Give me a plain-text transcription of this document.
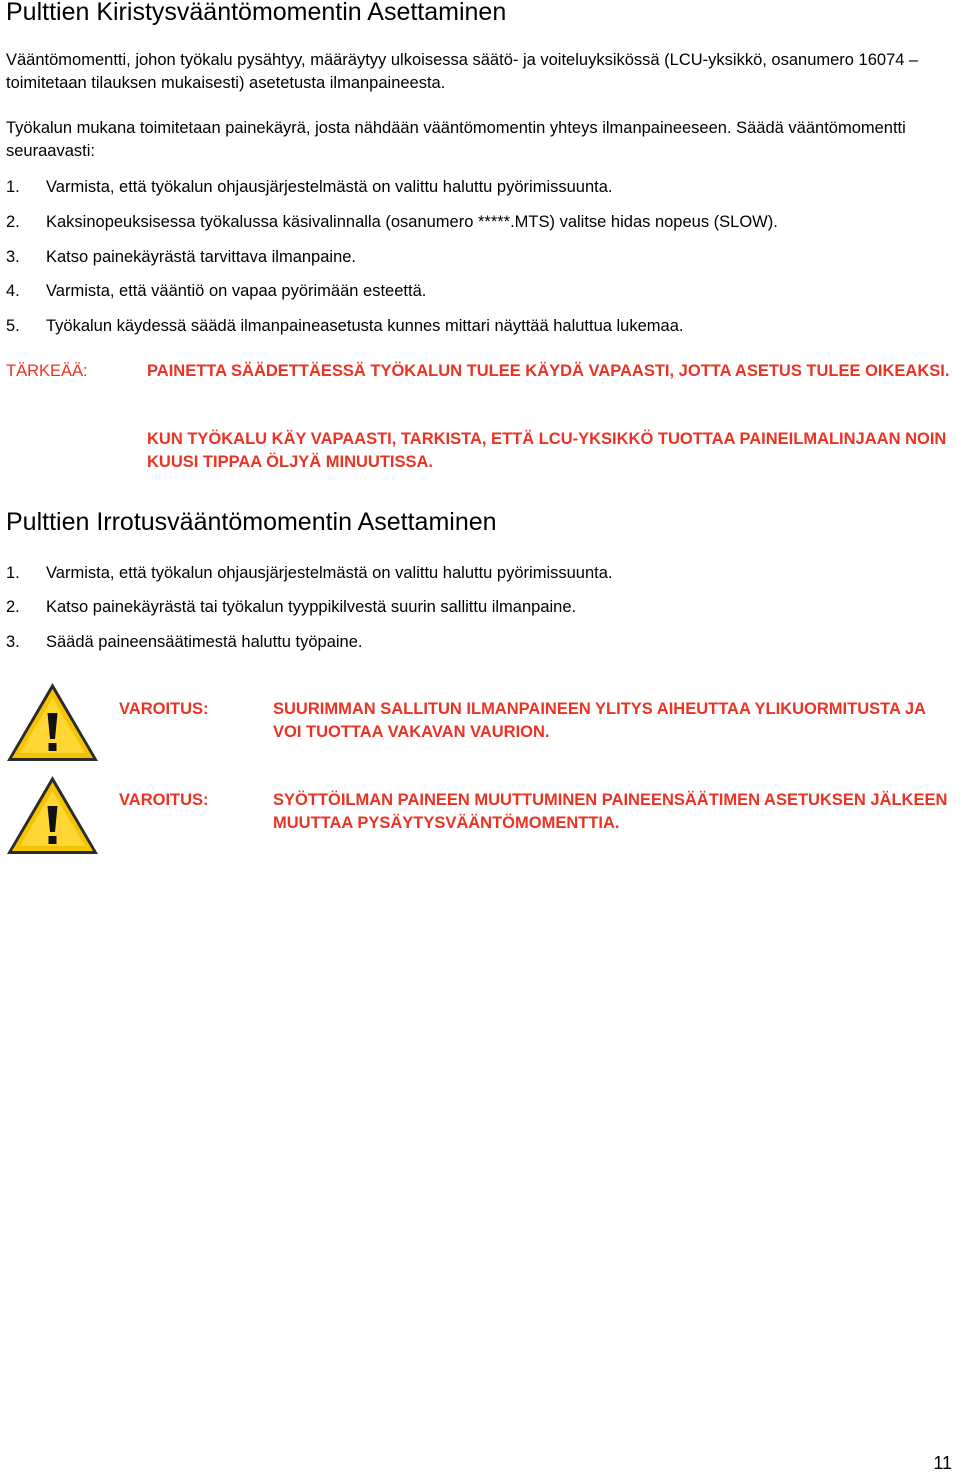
Pulttien Kiristysvääntömomentin Asettaminen

Vääntömomentti, johon työkalu pysähtyy, määräytyy ulkoisessa säätö- ja voiteluyksikössä (LCU-yksikkö, osanumero 16074 – toimitetaan tilauksen mukaisesti) asetetusta ilmanpaineesta.

Työkalun mukana toimitetaan painekäyrä, josta nähdään vääntömomentin yhteys ilmanpaineeseen. Säädä vääntömomentti seuraavasti:

1. Varmista, että työkalun ohjausjärjestelmästä on valittu haluttu pyörimissuunta.
2. Kaksinopeuksisessa työkalussa käsivalinnalla (osanumero *****.MTS) valitse hidas nopeus (SLOW).
3. Katso painekäyrästä tarvittava ilmanpaine.
4. Varmista, että vääntiö on vapaa pyörimään esteettä.
5. Työkalun käydessä säädä ilmanpaineasetusta kunnes mittari näyttää haluttua lukemaa.
TÄRKEÄÄ:	PAINETTA SÄÄDETTÄESSÄ TYÖKALUN TULEE KÄYDÄ VAPAASTI, JOTTA ASETUS TULEE OIKEAKSI.

KUN TYÖKALU KÄY VAPAASTI, TARKISTA, ETTÄ LCU-YKSIKKÖ TUOTTAA PAINEILMALINJAAN NOIN KUUSI TIPPAA ÖLJYÄ MINUUTISSA.

Pulttien Irrotusvääntömomentin Asettaminen
1. Varmista, että työkalun ohjausjärjestelmästä on valittu haluttu pyörimissuunta.
2. Katso painekäyrästä tai työkalun tyyppikilvestä suurin sallittu ilmanpaine.
3. Säädä paineensäätimestä haluttu työpaine.
VAROITUS:	SUURIMMAN SALLITUN ILMANPAINEEN YLITYS AIHEUTTAA YLIKUORMITUSTA JA VOI TUOTTAA VAKAVAN VAURION.

VAROITUS:	SYÖTTÖILMAN PAINEEN MUUTTUMINEN PAINEENSÄÄTIMEN ASETUKSEN JÄLKEEN MUUTTAA PYSÄYTYSVÄÄNTÖMOMENTTIA.

11
